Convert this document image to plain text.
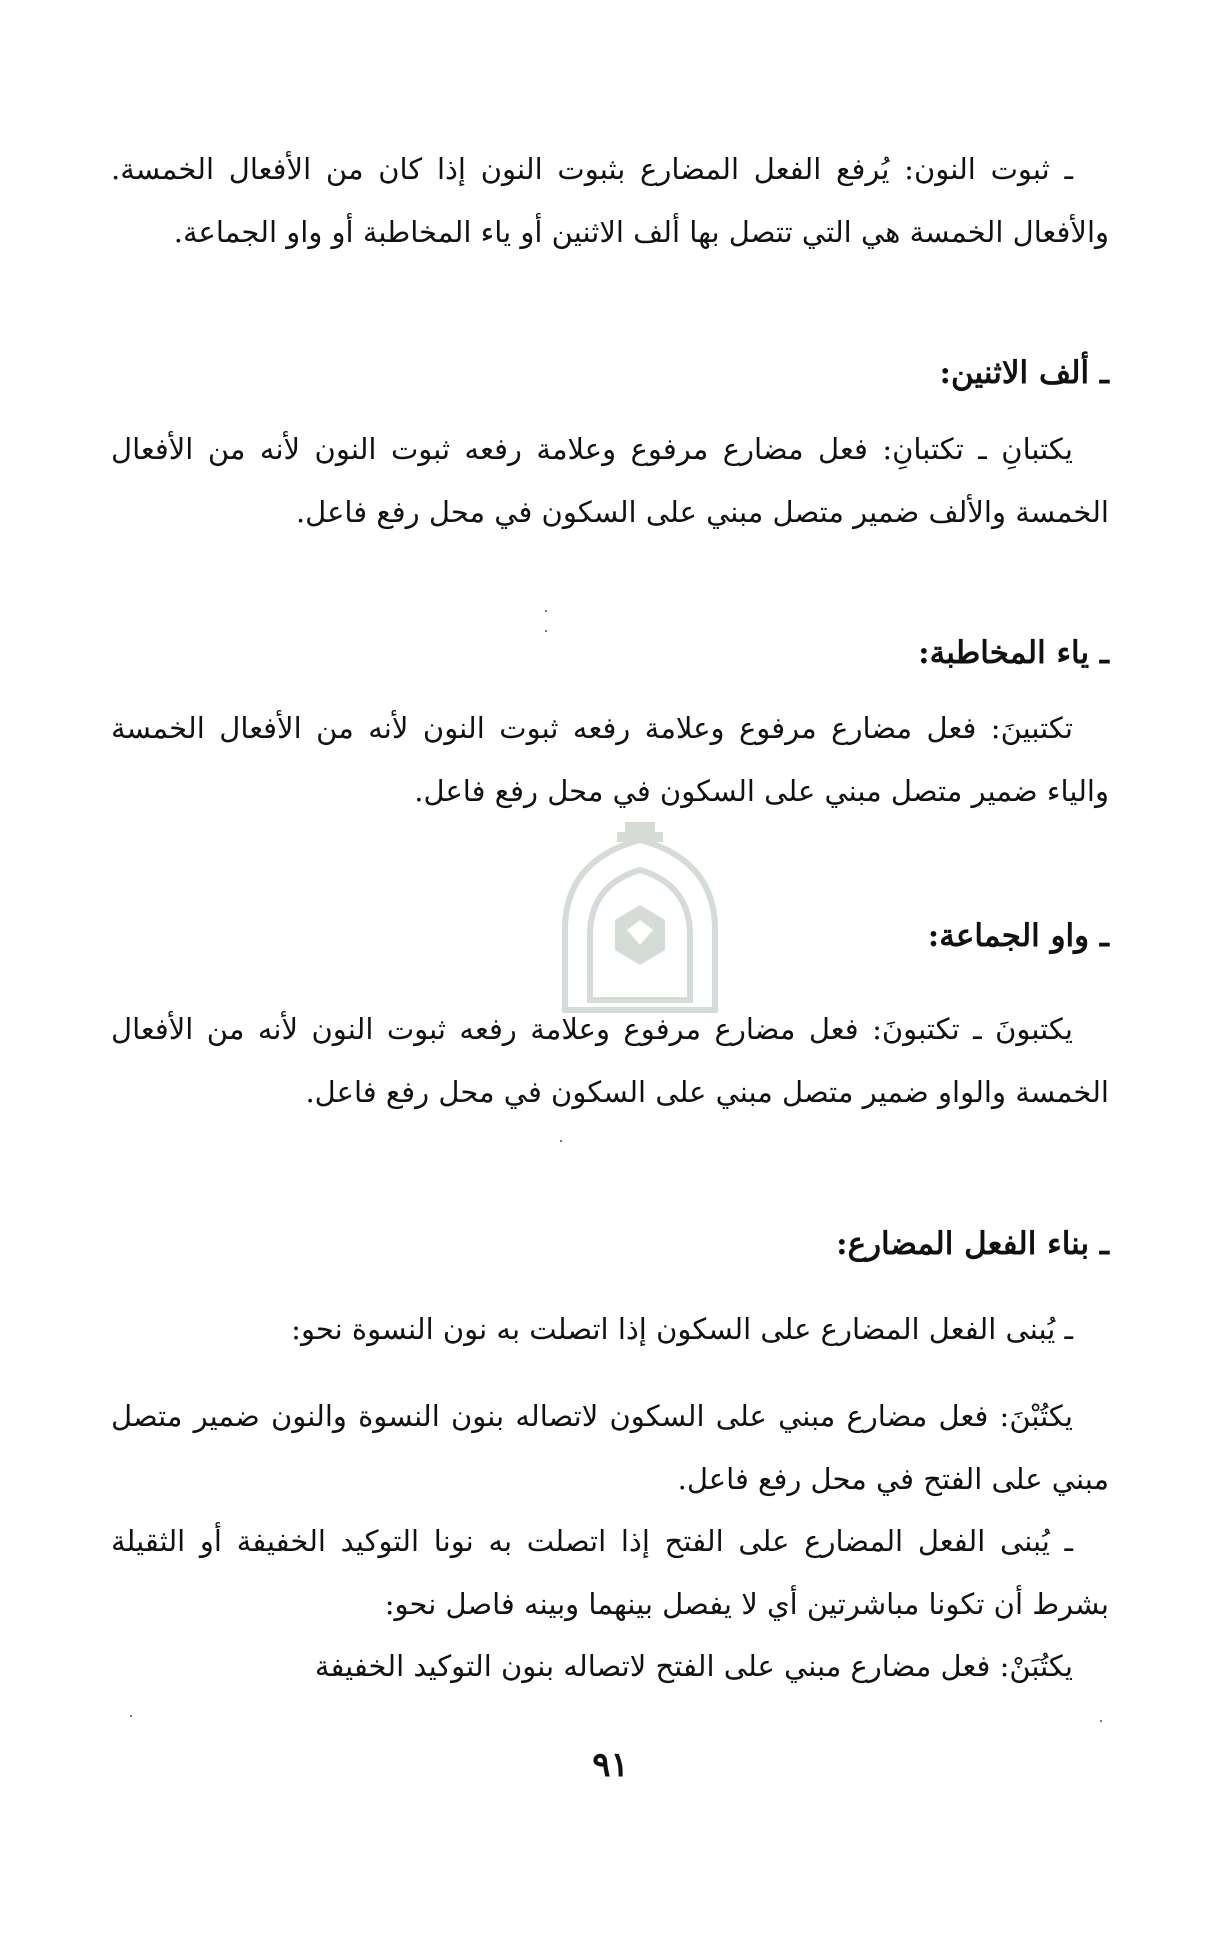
ـ ثبوت النون: يُرفع الفعل المضارع بثبوت النون إذا كان من الأفعال الخمسة. والأفعال الخمسة هي التي تتصل بها ألف الاثنين أو ياء المخاطبة أو واو الجماعة.

ـ ألف الاثنين:

يكتبانِ ـ تكتبانِ: فعل مضارع مرفوع وعلامة رفعه ثبوت النون لأنه من الأفعال الخمسة والألف ضمير متصل مبني على السكون في محل رفع فاعل.

ـ ياء المخاطبة:

تكتبينَ: فعل مضارع مرفوع وعلامة رفعه ثبوت النون لأنه من الأفعال الخمسة والياء ضمير متصل مبني على السكون في محل رفع فاعل.

ـ واو الجماعة:

يكتبونَ ـ تكتبونَ: فعل مضارع مرفوع وعلامة رفعه ثبوت النون لأنه من الأفعال الخمسة والواو ضمير متصل مبني على السكون في محل رفع فاعل.

ـ بناء الفعل المضارع:

ـ يُبنى الفعل المضارع على السكون إذا اتصلت به نون النسوة نحو:

يكتُبْنَ: فعل مضارع مبني على السكون لاتصاله بنون النسوة والنون ضمير متصل مبني على الفتح في محل رفع فاعل.

ـ يُبنى الفعل المضارع على الفتح إذا اتصلت به نونا التوكيد الخفيفة أو الثقيلة بشرط أن تكونا مباشرتين أي لا يفصل بينهما وبينه فاصل نحو:

يكتُبَنْ: فعل مضارع مبني على الفتح لاتصاله بنون التوكيد الخفيفة

٩١
